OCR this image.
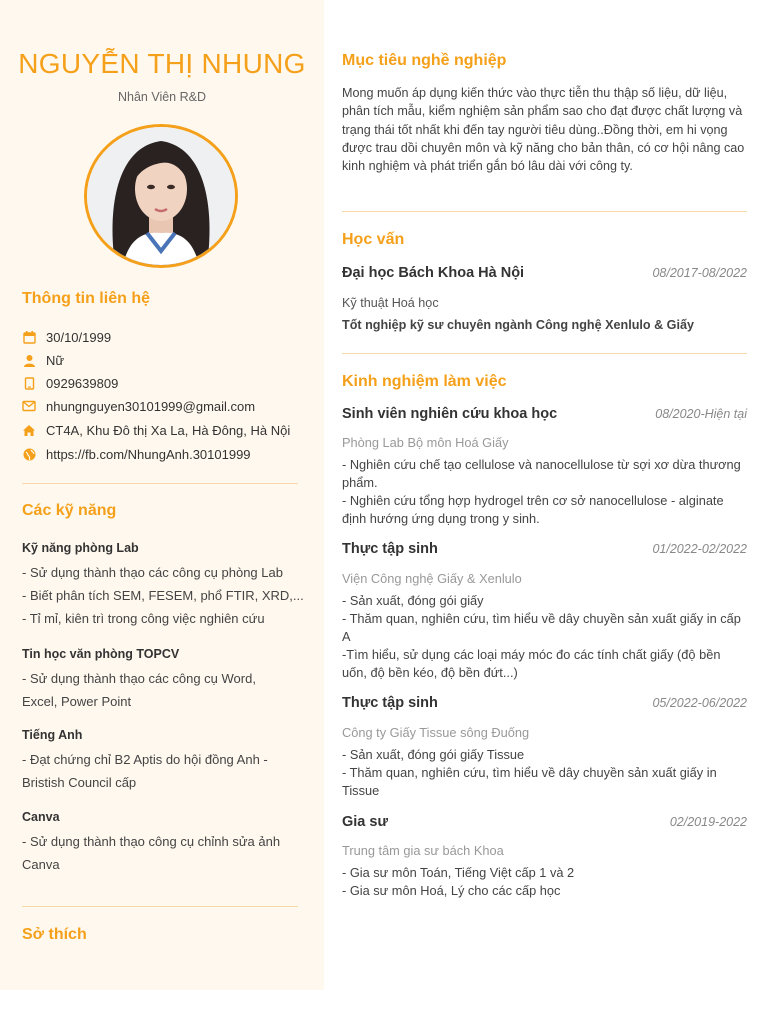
NGUYỄN THỊ NHUNG
Nhân Viên R&D
Thông tin liên hệ
30/10/1999
Nữ
0929639809
nhungnguyen30101999@gmail.com
CT4A, Khu Đô thị Xa La, Hà Đông, Hà Nội
https://fb.com/NhungAnh.30101999
Các kỹ năng
Kỹ năng phòng Lab
- Sử dụng thành thạo các công cụ phòng Lab
- Biết phân tích SEM, FESEM, phổ FTIR, XRD,...
- Tỉ mỉ, kiên trì trong công việc nghiên cứu
Tin học văn phòng TOPCV
- Sử dụng thành thạo các công cụ Word, Excel, Power Point
Tiếng Anh
- Đạt chứng chỉ B2 Aptis do hội đồng Anh - Bristish Council cấp
Canva
- Sử dụng thành thạo công cụ chỉnh sửa ảnh Canva
Sở thích
Mục tiêu nghề nghiệp
Mong muốn áp dụng kiến thức vào thực tiễn thu thập số liệu, dữ liệu, phân tích mẫu, kiểm nghiệm sản phẩm sao cho đạt được chất lượng và trạng thái tốt nhất khi đến tay người tiêu dùng..Đồng thời, em hi vọng được trau dồi chuyên môn và kỹ năng cho bản thân, có cơ hội nâng cao kinh nghiệm và phát triển gắn bó lâu dài với công ty.
Học vấn
Đại học Bách Khoa Hà Nội	08/2017-08/2022
Kỹ thuật Hoá học
Tốt nghiệp kỹ sư chuyên ngành Công nghệ Xenlulo & Giấy
Kinh nghiệm làm việc
Sinh viên nghiên cứu khoa học	08/2020-Hiện tại
Phòng Lab Bộ môn Hoá Giấy
- Nghiên cứu chế tạo cellulose và nanocellulose từ sợi xơ dừa thương phẩm.
- Nghiên cứu tổng hợp hydrogel trên cơ sở nanocellulose - alginate định hướng ứng dụng trong y sinh.
Thực tập sinh	01/2022-02/2022
Viện Công nghệ Giấy & Xenlulo
- Sản xuất, đóng gói giấy
- Thăm quan, nghiên cứu, tìm hiểu về dây chuyền sản xuất giấy in cấp A
-Tìm hiểu, sử dụng các loại máy móc đo các tính chất giấy (độ bền uốn, độ bền kéo, độ bền đứt...)
Thực tập sinh	05/2022-06/2022
Công ty Giấy Tissue sông Đuống
- Sản xuất, đóng gói giấy Tissue
- Thăm quan, nghiên cứu, tìm hiểu về dây chuyền sản xuất giấy in Tissue
Gia sư	02/2019-2022
Trung tâm gia sư bách Khoa
- Gia sư môn Toán, Tiếng Việt cấp 1 và 2
- Gia sư môn Hoá, Lý cho các cấp học
